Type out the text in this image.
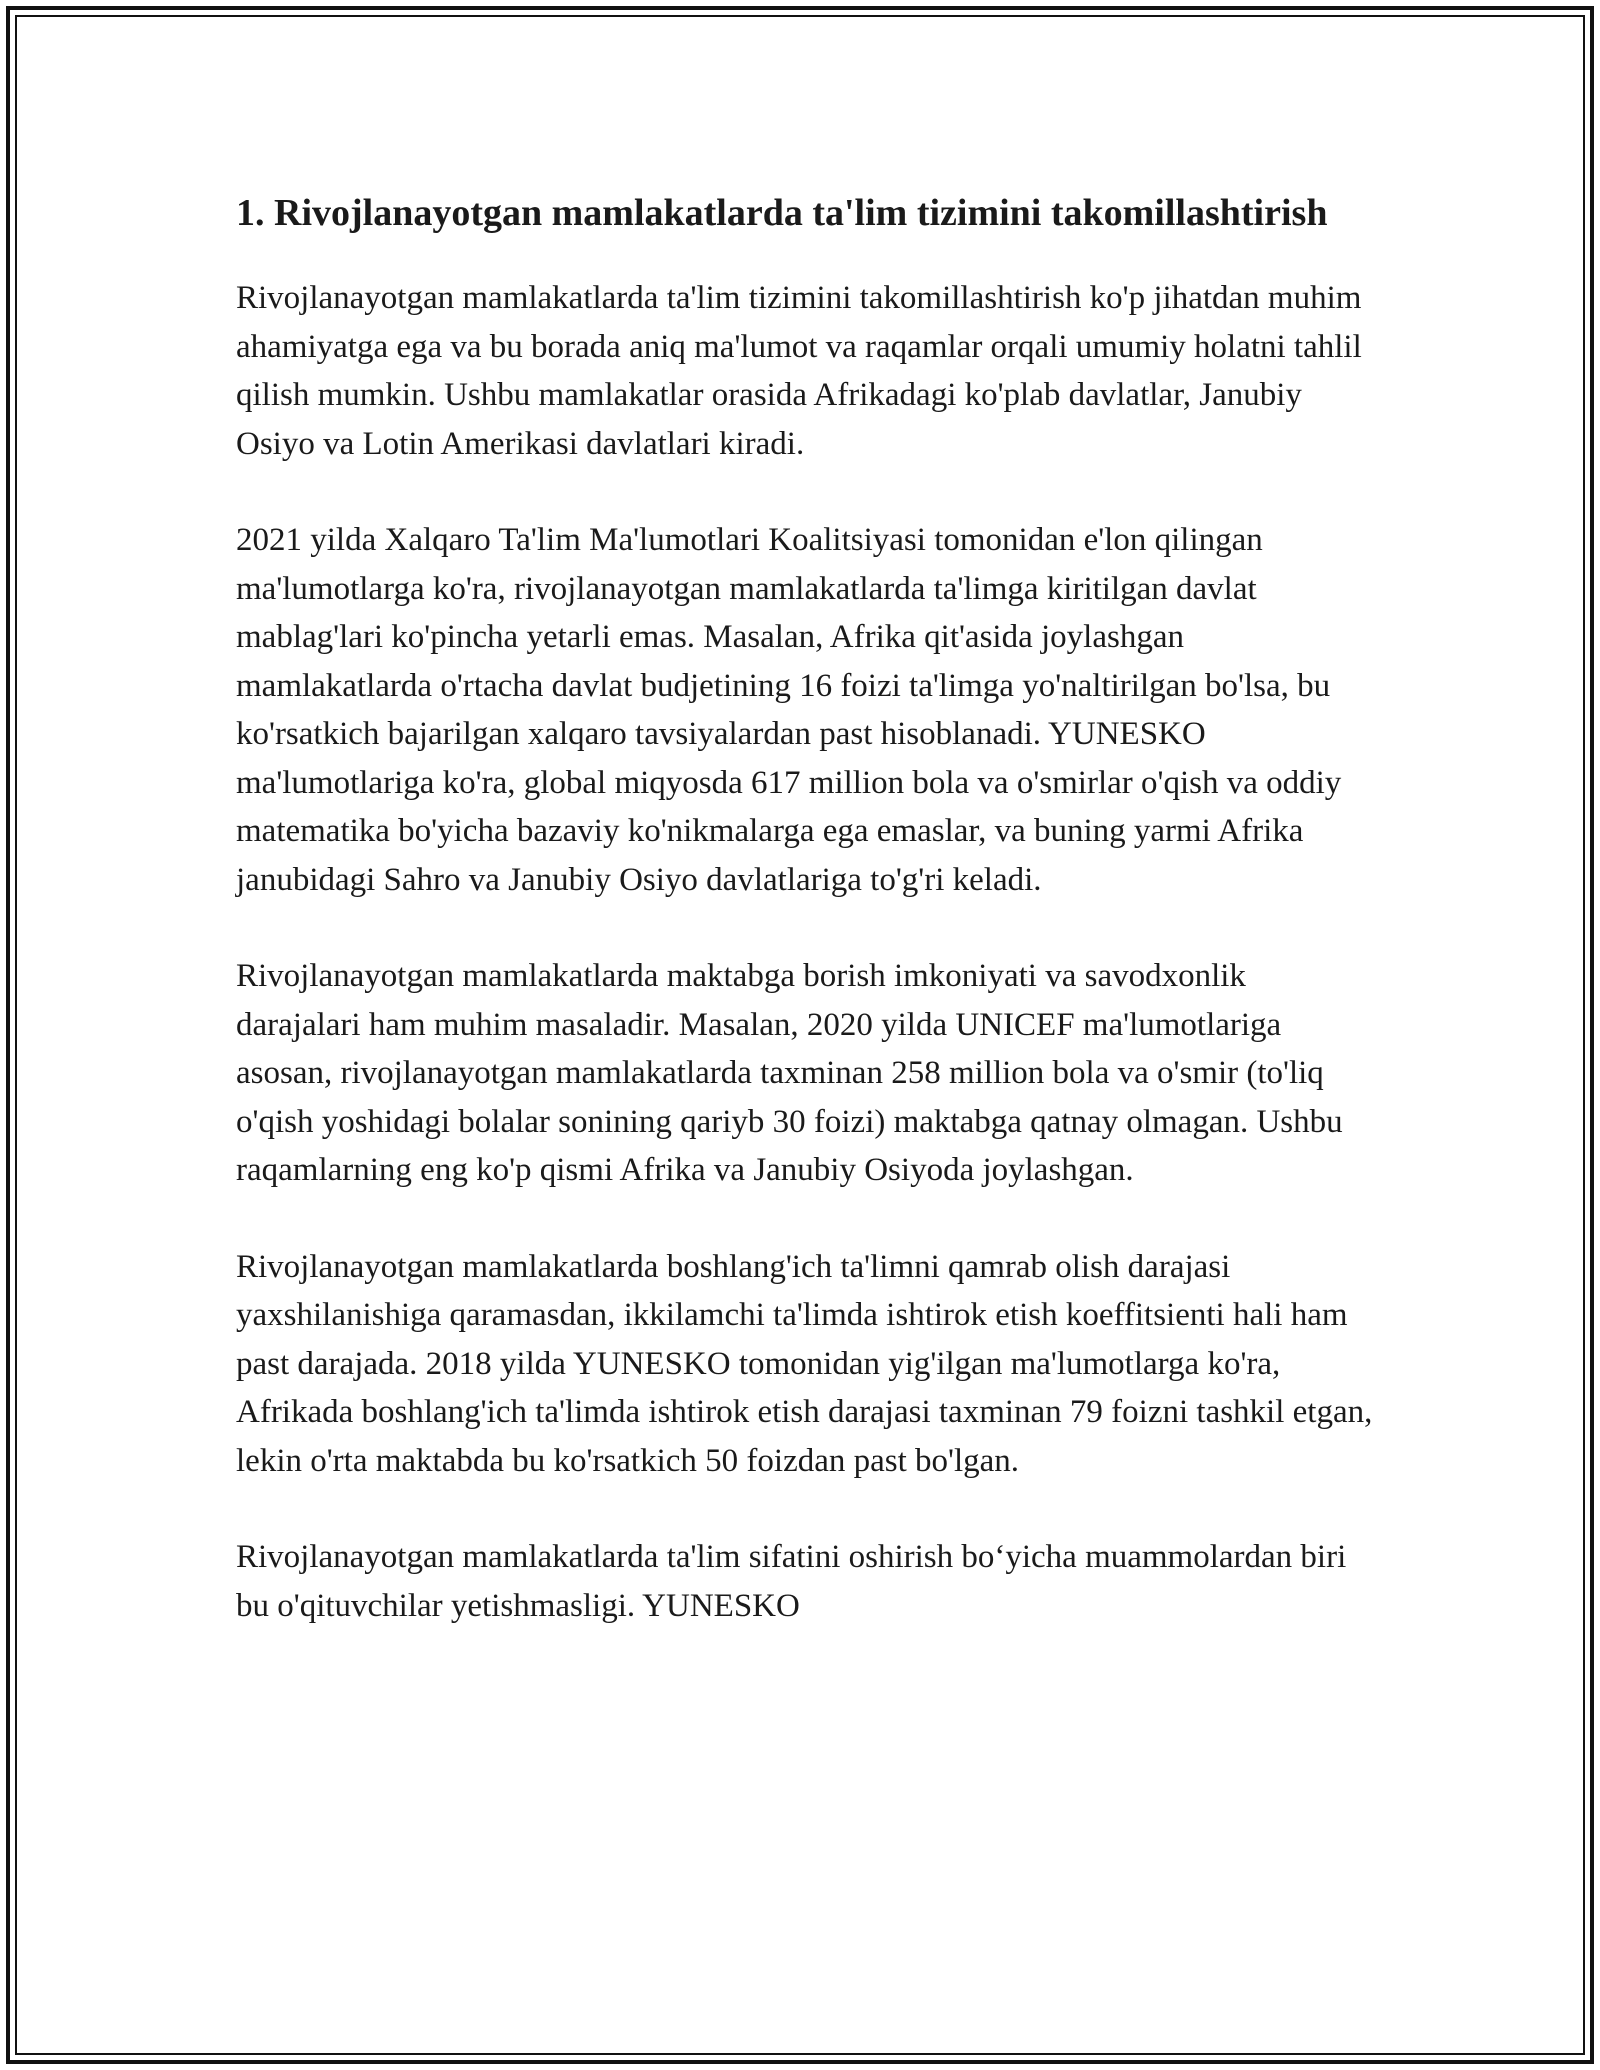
1. Rivojlanayotgan mamlakatlarda ta'lim tizimini takomillashtirish

Rivojlanayotgan mamlakatlarda ta'lim tizimini takomillashtirish ko'p jihatdan muhim ahamiyatga ega va bu borada aniq ma'lumot va raqamlar orqali umumiy holatni tahlil qilish mumkin. Ushbu mamlakatlar orasida Afrikadagi ko'plab davlatlar, Janubiy Osiyo va Lotin Amerikasi davlatlari kiradi.

2021 yilda Xalqaro Ta'lim Ma'lumotlari Koalitsiyasi tomonidan e'lon qilingan ma'lumotlarga ko'ra, rivojlanayotgan mamlakatlarda ta'limga kiritilgan davlat mablag'lari ko'pincha yetarli emas. Masalan, Afrika qit'asida joylashgan mamlakatlarda o'rtacha davlat budjetining 16 foizi ta'limga yo'naltirilgan bo'lsa, bu ko'rsatkich bajarilgan xalqaro tavsiyalardan past hisoblanadi. YUNESKO ma'lumotlariga ko'ra, global miqyosda 617 million bola va o'smirlar o'qish va oddiy matematika bo'yicha bazaviy ko'nikmalarga ega emaslar, va buning yarmi Afrika janubidagi Sahro va Janubiy Osiyo davlatlariga to'g'ri keladi.

Rivojlanayotgan mamlakatlarda maktabga borish imkoniyati va savodxonlik darajalari ham muhim masaladir. Masalan, 2020 yilda UNICEF ma'lumotlariga asosan, rivojlanayotgan mamlakatlarda taxminan 258 million bola va o'smir (to'liq o'qish yoshidagi bolalar sonining qariyb 30 foizi) maktabga qatnay olmagan. Ushbu raqamlarning eng ko'p qismi Afrika va Janubiy Osiyoda joylashgan.

Rivojlanayotgan mamlakatlarda boshlang'ich ta'limni qamrab olish darajasi yaxshilanishiga qaramasdan, ikkilamchi ta'limda ishtirok etish koeffitsienti hali ham past darajada. 2018 yilda YUNESKO tomonidan yig'ilgan ma'lumotlarga ko'ra, Afrikada boshlang'ich ta'limda ishtirok etish darajasi taxminan 79 foizni tashkil etgan, lekin o'rta maktabda bu ko'rsatkich 50 foizdan past bo'lgan.

Rivojlanayotgan mamlakatlarda ta'lim sifatini oshirish bo‘yicha muammolardan biri bu o'qituvchilar yetishmasligi. YUNESKO
